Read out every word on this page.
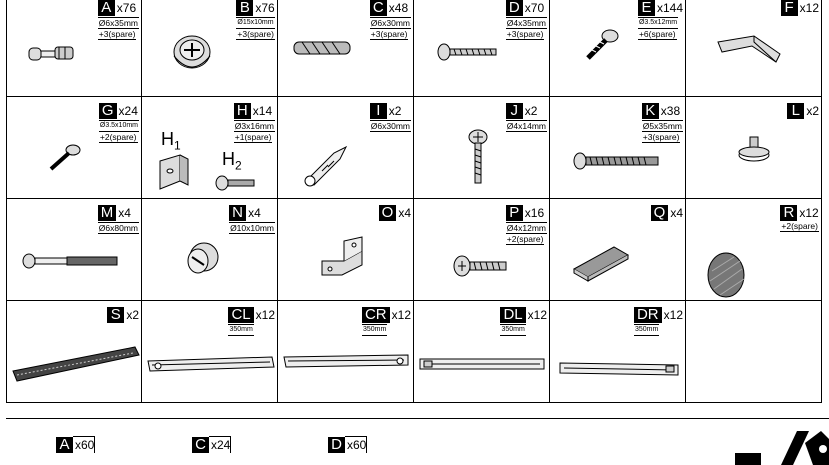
A x76
Ø6x35mm
+3(spare)
B x76
Ø15x10mm
+3(spare)
C x48
Ø6x30mm
+3(spare)
D x70
Ø4x35mm
+3(spare)
E x144
Ø3.5x12mm
+6(spare)
F x12
G x24
Ø3.5x10mm
+2(spare)
H x14
Ø3x16mm
+1(spare)
$H_1$
$H_2$
I x2
Ø6x30mm
J x2
Ø4x14mm
K x38
Ø5x35mm
+3(spare)
L x2
M x4
Ø6x80mm
N x4
Ø10x10mm
O x4	P x16
Ø4x12mm
+2(spare)
Q x4	R x12
+2(spare)
S x2	CL x12
350mm
CR x12
350mm
DL x12
350mm
DR x12
350mm
A x60	C x24	D x60
